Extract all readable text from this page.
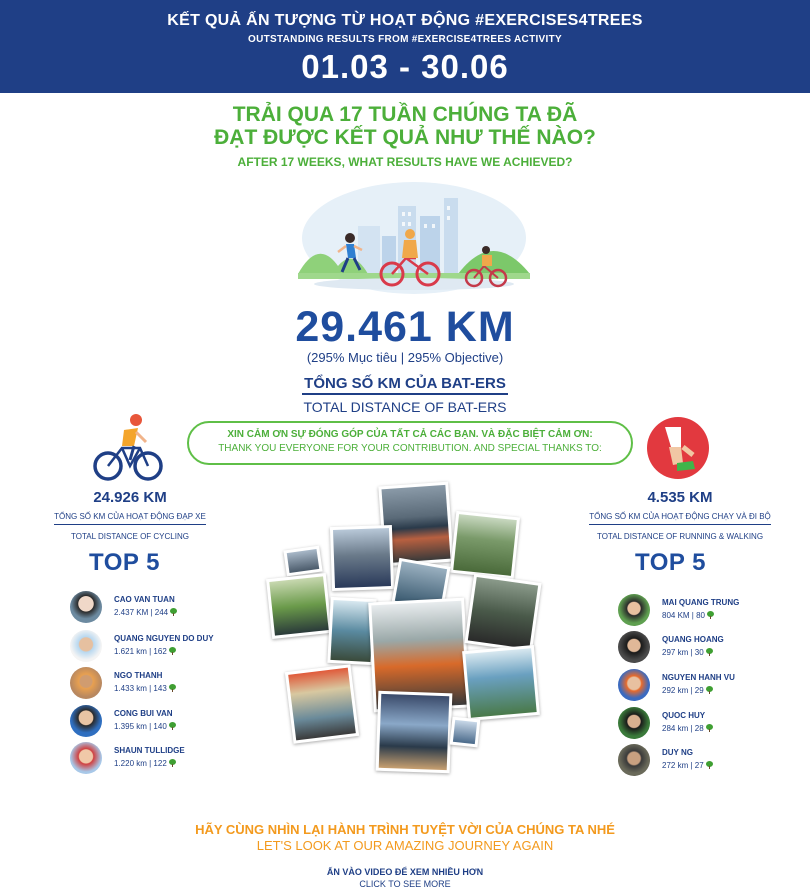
KẾT QUẢ ẤN TƯỢNG TỪ HOẠT ĐỘNG #EXERCISES4TREES
OUTSTANDING RESULTS FROM #EXERCISE4TREES ACTIVITY
01.03 - 30.06
TRẢI QUA 17 TUẦN CHÚNG TA ĐÃ
ĐẠT ĐƯỢC KẾT QUẢ NHƯ THẾ NÀO?
AFTER 17 WEEKS, WHAT RESULTS HAVE WE ACHIEVED?
29.461 KM
(295% Mục tiêu | 295% Objective)
TỔNG SỐ KM CỦA BAT-ERS
TOTAL DISTANCE OF BAT-ERS
XIN CẢM ƠN SỰ ĐÓNG GÓP CỦA TẤT CẢ CÁC BẠN. VÀ ĐẶC BIỆT CẢM ƠN:
THANK YOU EVERYONE FOR YOUR CONTRIBUTION. AND SPECIAL THANKS TO:
24.926 KM
TỔNG SỐ KM CỦA HOẠT ĐỘNG ĐẠP XE
TOTAL DISTANCE OF CYCLING
TOP 5
CAO VAN TUAN
2.437 KM | 244
QUANG NGUYEN DO DUY
1.621 km | 162
NGO THANH
1.433 km | 143
CONG BUI VAN
1.395 km | 140
SHAUN TULLIDGE
1.220 km | 122
4.535 KM
TỔNG SỐ KM CỦA HOẠT ĐỘNG CHẠY VÀ ĐI BỘ
TOTAL DISTANCE OF RUNNING & WALKING
TOP 5
MAI QUANG TRUNG
804 KM | 80
QUANG HOANG
297 km | 30
NGUYEN HANH VU
292 km | 29
QUOC HUY
284 km | 28
DUY NG
272 km | 27
HÃY CÙNG NHÌN LẠI HÀNH TRÌNH TUYỆT VỜI CỦA CHÚNG TA NHÉ
LET'S LOOK AT OUR AMAZING JOURNEY AGAIN
ẤN VÀO VIDEO ĐỂ XEM NHIỀU HƠN
CLICK TO SEE MORE
